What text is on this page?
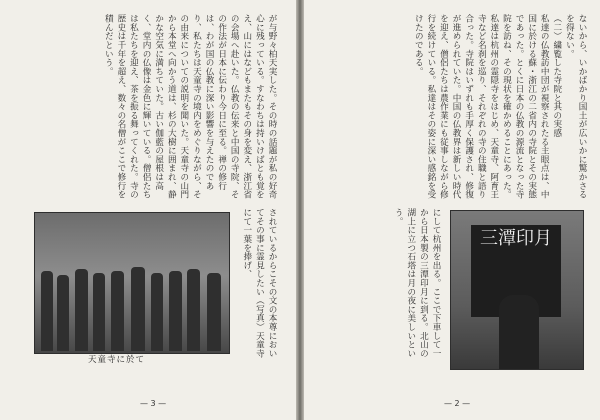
が与野々柏天実した。その時の話題が私の好奇心に残っている。すなわちは持いけばとも覚をえ、山にはなどもまたもその身を変え、浙江省の会場へ赴いた。仏教の伝来と中国の寺院、その作法が日本に伝わり今日に至る。禅の修行は、わが国の仏教に深い影響を与えたのであり、私たちは天童寺の境内をめぐりながら、その由来についての説明を聞いた。天童寺の山門から本堂へ向かう道は、杉の大樹に囲まれ、静かな空気に満ちていた。古い伽藍の屋根は高く、堂内の仏像は金色に輝いている。僧侶たちは私たちを迎え、茶を振る舞ってくれた。寺の歴史は千年を超え、数々の名僧がここで修行を積んだという。
されているからこその文の本尊においてその事に霊見したい（写真）天童寺にて一葉を捧げ、
天童寺に於て
— 3 —
ないから、いかばかり国土が広いかに驚かさるを得ない。
（二）繍覧した寺院と其の実感
私達の仏教訪中団が視察されたる主眼点は、中国に於ける蘇・浙江の二省内の寺院とその実態であった。とくに日本の仏教の源流となった寺院を訪ね、その現状を確かめることにあった。私達は杭州の霊隠寺をはじめ、天童寺、阿育王寺など名刹を巡り、それぞれの寺の住職と語り合った。寺院はいずれも手厚く保護され、修復が進められていた。中国の仏教界は新しい時代を迎え、僧侶たちは農作業にも従事しながら修行を続けている。私達はその姿に深い感銘を受けたのである。
にして杭州を出る。ここで下車して一から日本製の三潭印月に到る。北山の湖上に立つ石塔は月の夜に美しいという。
三潭印月
— 2 —
